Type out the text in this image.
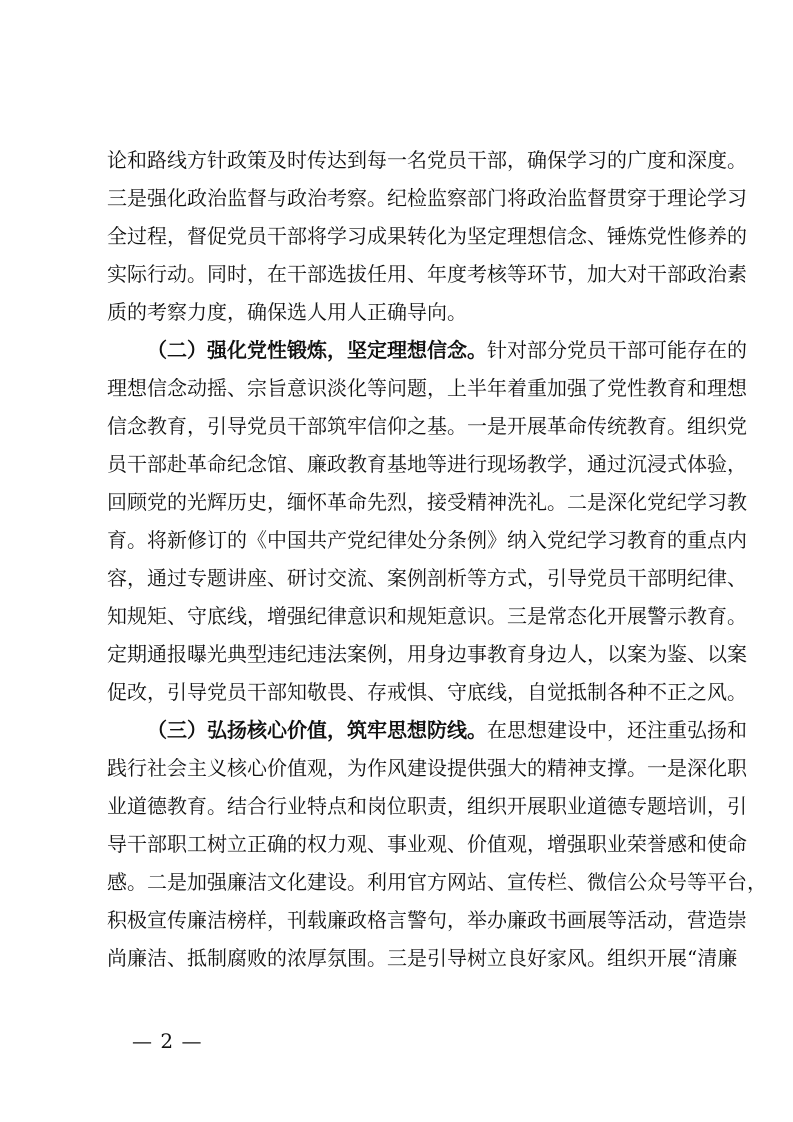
论和路线方针政策及时传达到每一名党员干部，确保学习的广度和深度。
三是强化政治监督与政治考察。纪检监察部门将政治监督贯穿于理论学习
全过程，督促党员干部将学习成果转化为坚定理想信念、锤炼党性修养的
实际行动。同时，在干部选拔任用、年度考核等环节，加大对干部政治素
质的考察力度，确保选人用人正确导向。
（二）强化党性锻炼，坚定理想信念。针对部分党员干部可能存在的
理想信念动摇、宗旨意识淡化等问题，上半年着重加强了党性教育和理想
信念教育，引导党员干部筑牢信仰之基。一是开展革命传统教育。组织党
员干部赴革命纪念馆、廉政教育基地等进行现场教学，通过沉浸式体验，
回顾党的光辉历史，缅怀革命先烈，接受精神洗礼。二是深化党纪学习教
育。将新修订的《中国共产党纪律处分条例》纳入党纪学习教育的重点内
容，通过专题讲座、研讨交流、案例剖析等方式，引导党员干部明纪律、
知规矩、守底线，增强纪律意识和规矩意识。三是常态化开展警示教育。
定期通报曝光典型违纪违法案例，用身边事教育身边人，以案为鉴、以案
促改，引导党员干部知敬畏、存戒惧、守底线，自觉抵制各种不正之风。
（三）弘扬核心价值，筑牢思想防线。在思想建设中，还注重弘扬和
践行社会主义核心价值观，为作风建设提供强大的精神支撑。一是深化职
业道德教育。结合行业特点和岗位职责，组织开展职业道德专题培训，引
导干部职工树立正确的权力观、事业观、价值观，增强职业荣誉感和使命
感。二是加强廉洁文化建设。利用官方网站、宣传栏、微信公众号等平台，
积极宣传廉洁榜样，刊载廉政格言警句，举办廉政书画展等活动，营造崇
尚廉洁、抵制腐败的浓厚氛围。三是引导树立良好家风。组织开展“清廉
— 2 —
